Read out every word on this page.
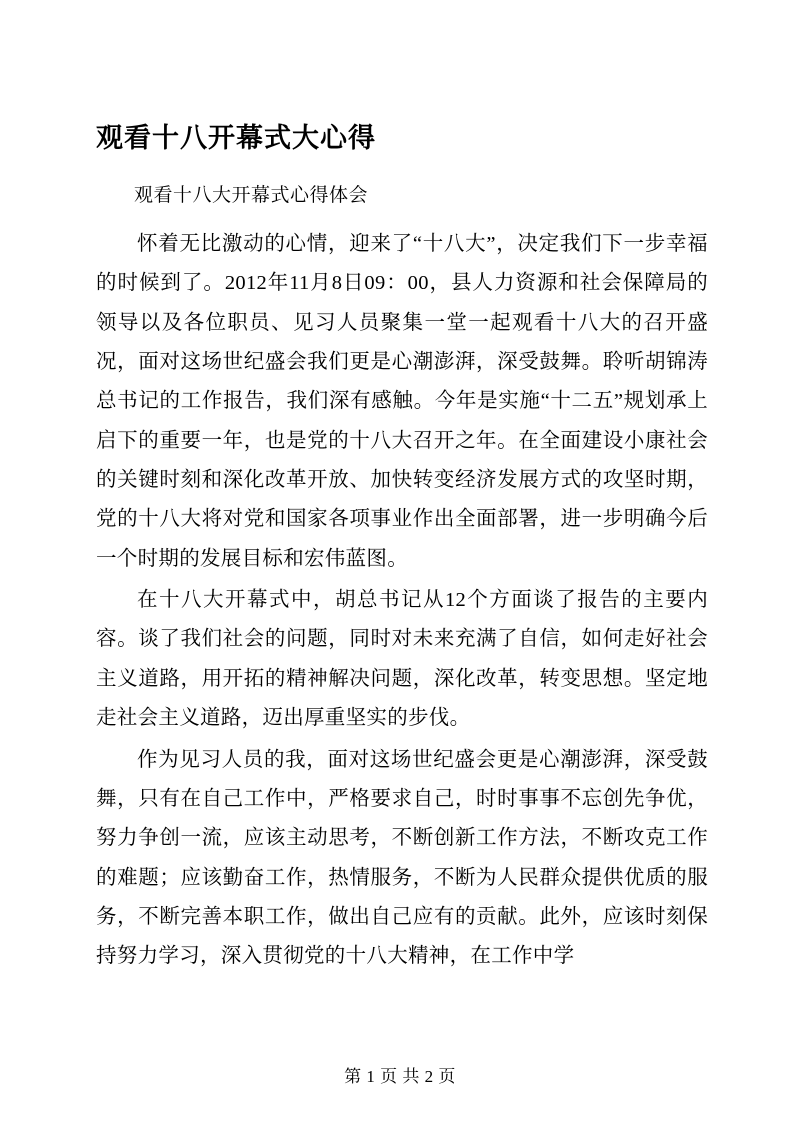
观看十八开幕式大心得

观看十八大开幕式心得体会

怀着无比激动的心情，迎来了“十八大”，决定我们下一步幸福的时候到了。2012年11月8日09：00，县人力资源和社会保障局的领导以及各位职员、见习人员聚集一堂一起观看十八大的召开盛况，面对这场世纪盛会我们更是心潮澎湃，深受鼓舞。聆听胡锦涛总书记的工作报告，我们深有感触。今年是实施“十二五”规划承上启下的重要一年，也是党的十八大召开之年。在全面建设小康社会的关键时刻和深化改革开放、加快转变经济发展方式的攻坚时期，党的十八大将对党和国家各项事业作出全面部署，进一步明确今后一个时期的发展目标和宏伟蓝图。

在十八大开幕式中，胡总书记从12个方面谈了报告的主要内容。谈了我们社会的问题，同时对未来充满了自信，如何走好社会主义道路，用开拓的精神解决问题，深化改革，转变思想。坚定地走社会主义道路，迈出厚重坚实的步伐。

作为见习人员的我，面对这场世纪盛会更是心潮澎湃，深受鼓舞，只有在自己工作中，严格要求自己，时时事事不忘创先争优，努力争创一流，应该主动思考，不断创新工作方法，不断攻克工作的难题；应该勤奋工作，热情服务，不断为人民群众提供优质的服务，不断完善本职工作，做出自己应有的贡献。此外，应该时刻保持努力学习，深入贯彻党的十八大精神，在工作中学

第 1 页 共 2 页
